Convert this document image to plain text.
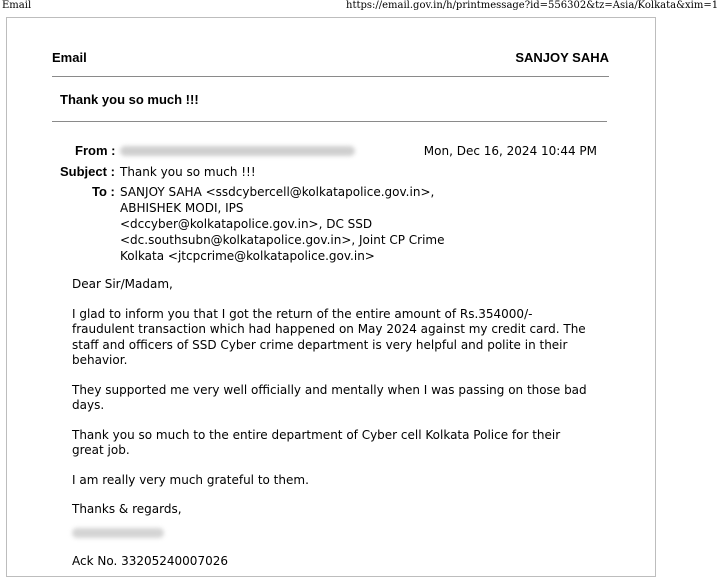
Email	https://email.gov.in/h/printmessage?id=556302&tz=Asia/Kolkata&xim=1
Email	SANJOY SAHA
Thank you so much !!!
From :	Mon, Dec 16, 2024 10:44 PM
Subject : Thank you so much !!!
To : SANJOY SAHA <ssdcybercell@kolkatapolice.gov.in>,
ABHISHEK MODI, IPS
<dccyber@kolkatapolice.gov.in>, DC SSD
<dc.southsubn@kolkatapolice.gov.in>, Joint CP Crime
Kolkata <jtcpcrime@kolkatapolice.gov.in>

Dear Sir/Madam,

I glad to inform you that I got the return of the entire amount of Rs.354000/- fraudulent transaction which had happened on May 2024 against my credit card. The staff and officers of SSD Cyber crime department is very helpful and polite in their behavior.

They supported me very well officially and mentally when I was passing on those bad days.

Thank you so much to the entire department of Cyber cell Kolkata Police for their great job.

I am really very much grateful to them.

Thanks & regards,

Ack No. 33205240007026
